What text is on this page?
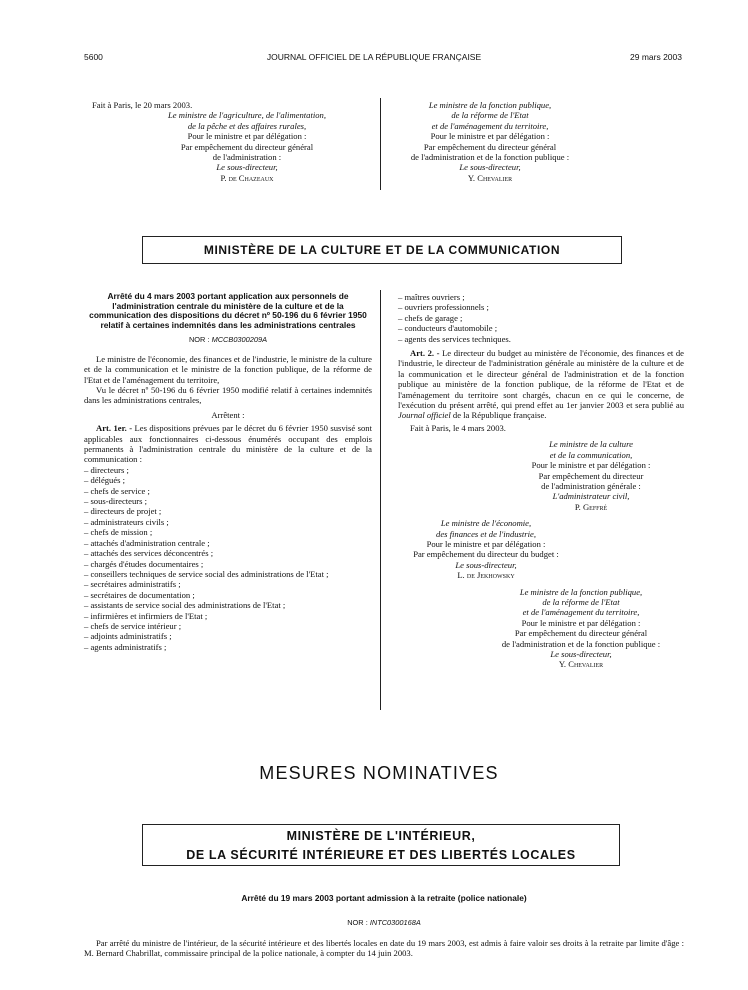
5600	JOURNAL OFFICIEL DE LA RÉPUBLIQUE FRANÇAISE	29 mars 2003

Fait à Paris, le 20 mars 2003.

Le ministre de l'agriculture, de l'alimentation,

de la pêche et des affaires rurales,

Pour le ministre et par délégation :

Par empêchement du directeur général

de l'administration :

Le sous-directeur,

P. de Chazeaux

Le ministre de la fonction publique,

de la réforme de l'Etat

et de l'aménagement du territoire,

Pour le ministre et par délégation :

Par empêchement du directeur général

de l'administration et de la fonction publique :

Le sous-directeur,

Y. Chevalier

MINISTÈRE DE LA CULTURE ET DE LA COMMUNICATION

Arrêté du 4 mars 2003 portant application aux personnels de l'administration centrale du ministère de la culture et de la communication des dispositions du décret nº 50-196 du 6 février 1950 relatif à certaines indemnités dans les administrations centrales

NOR : MCCB0300209A

Le ministre de l'économie, des finances et de l'industrie, le ministre de la culture et de la communication et le ministre de la fonction publique, de la réforme de l'Etat et de l'aménagement du territoire,

Vu le décret nº 50-196 du 6 février 1950 modifié relatif à certaines indemnités dans les administrations centrales,

Arrêtent :

Art. 1er. - Les dispositions prévues par le décret du 6 février 1950 susvisé sont applicables aux fonctionnaires ci-dessous énumérés occupant des emplois permanents à l'administration centrale du ministère de la culture et de la communication :

– directeurs ;
– délégués ;
– chefs de service ;
– sous-directeurs ;
– directeurs de projet ;
– administrateurs civils ;
– chefs de mission ;
– attachés d'administration centrale ;
– attachés des services déconcentrés ;
– chargés d'études documentaires ;
– conseillers techniques de service social des administrations de l'Etat ;
– secrétaires administratifs ;
– secrétaires de documentation ;
– assistants de service social des administrations de l'Etat ;
– infirmières et infirmiers de l'Etat ;
– chefs de service intérieur ;
– adjoints administratifs ;
– agents administratifs ;
– maîtres ouvriers ;
– ouvriers professionnels ;
– chefs de garage ;
– conducteurs d'automobile ;
– agents des services techniques.

Art. 2. - Le directeur du budget au ministère de l'économie, des finances et de l'industrie, le directeur de l'administration générale au ministère de la culture et de la communication et le directeur général de l'administration et de la fonction publique au ministère de la fonction publique, de la réforme de l'Etat et de l'aménagement du territoire sont chargés, chacun en ce qui le concerne, de l'exécution du présent arrêté, qui prend effet au 1er janvier 2003 et sera publié au Journal officiel de la République française.

Fait à Paris, le 4 mars 2003.

Le ministre de la culture

et de la communication,

Pour le ministre et par délégation :

Par empêchement du directeur

de l'administration générale :

L'administrateur civil,

P. Geffré

Le ministre de l'économie,

des finances et de l'industrie,

Pour le ministre et par délégation :

Par empêchement du directeur du budget :

Le sous-directeur,

L. de Jekhowsky

Le ministre de la fonction publique,

de la réforme de l'Etat

et de l'aménagement du territoire,

Pour le ministre et par délégation :

Par empêchement du directeur général

de l'administration et de la fonction publique :

Le sous-directeur,

Y. Chevalier

MESURES NOMINATIVES
MINISTÈRE DE L'INTÉRIEUR,
DE LA SÉCURITÉ INTÉRIEURE ET DES LIBERTÉS LOCALES

Arrêté du 19 mars 2003 portant admission à la retraite (police nationale)

NOR : INTC0300168A

Par arrêté du ministre de l'intérieur, de la sécurité intérieure et des libertés locales en date du 19 mars 2003, est admis à faire valoir ses droits à la retraite par limite d'âge : M. Bernard Chabrillat, commissaire principal de la police nationale, à compter du 14 juin 2003.
